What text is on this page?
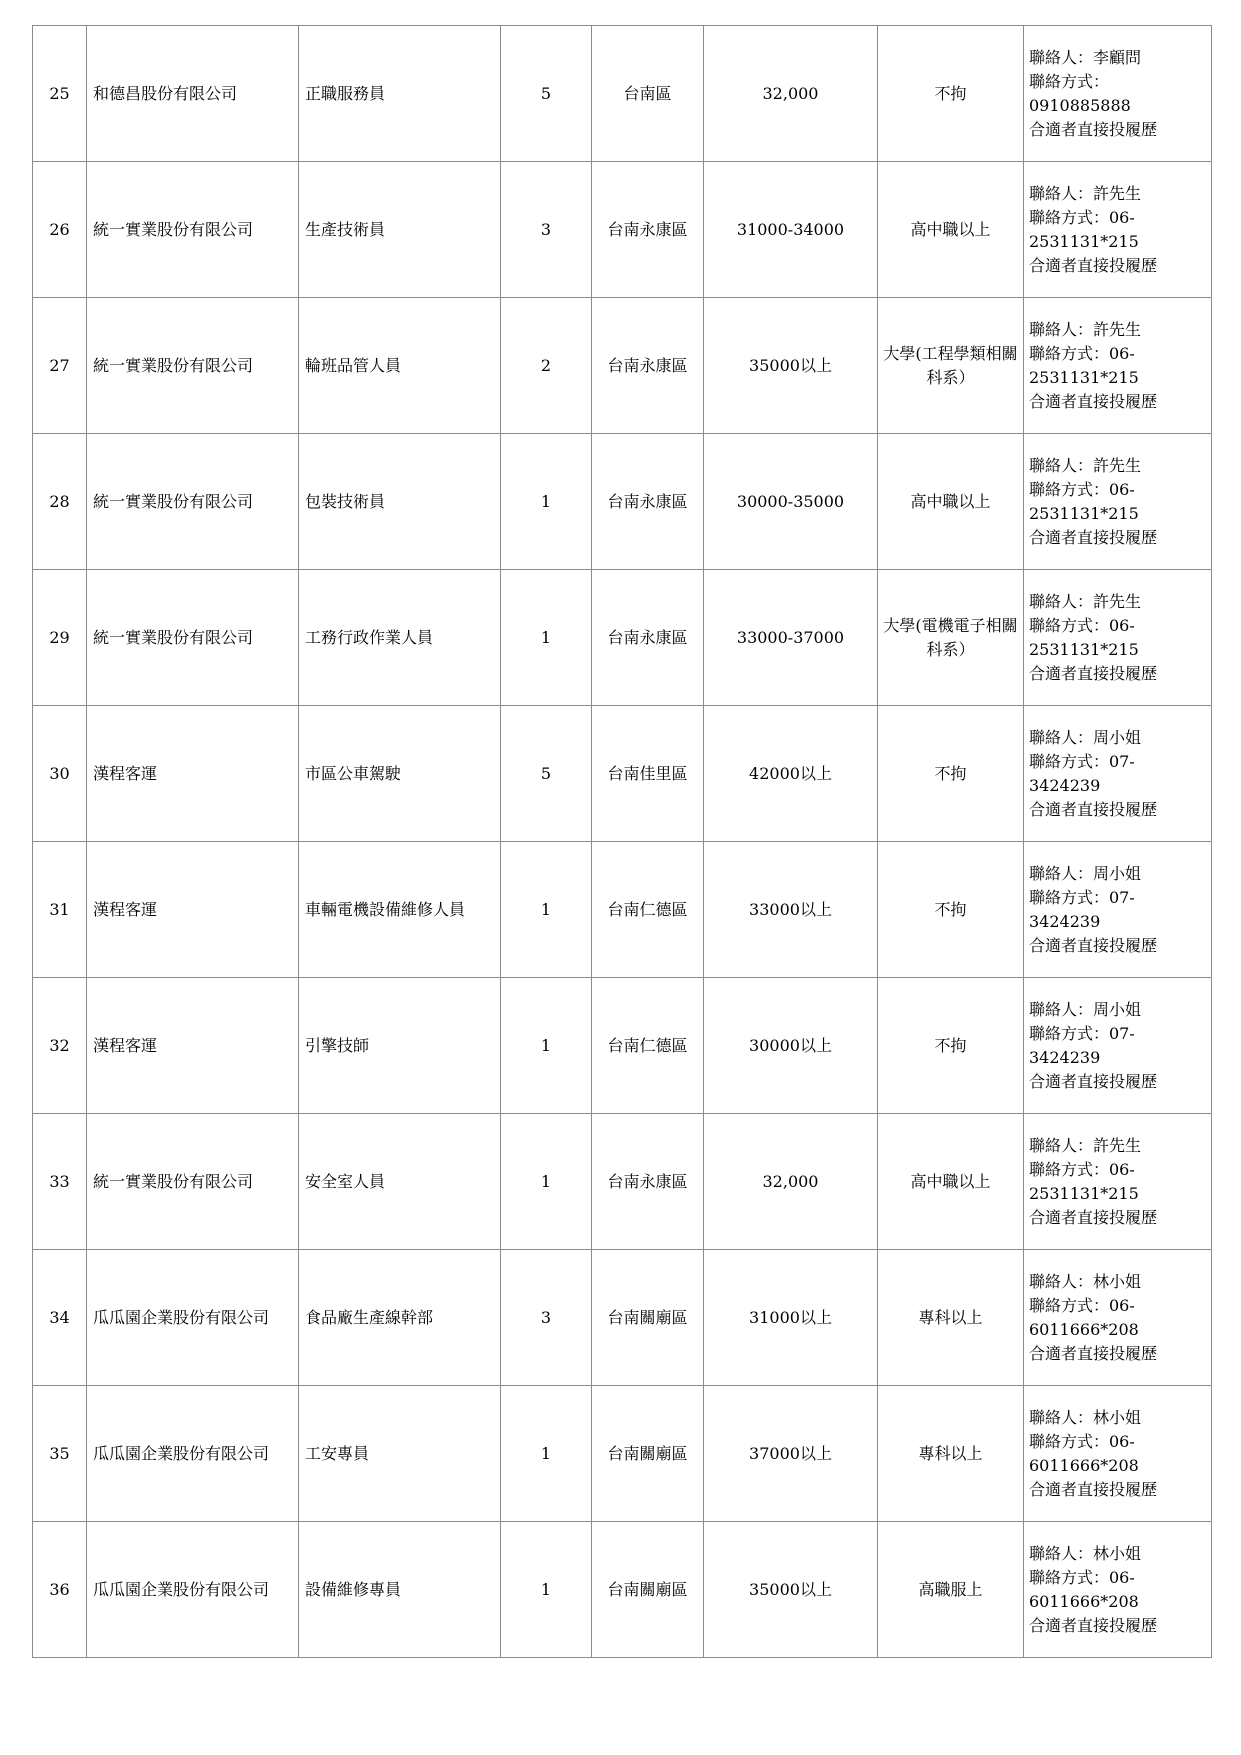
25	和德昌股份有限公司	正職服務員	5	台南區	32,000	不拘	聯絡人：李顧問
聯絡方式：
0910885888
合適者直接投履歷

26	統一實業股份有限公司	生產技術員	3	台南永康區	31000-34000	高中職以上	聯絡人：許先生
聯絡方式：06-
2531131*215
合適者直接投履歷

27	統一實業股份有限公司	輪班品管人員	2	台南永康區	35000以上	大學(工程學類相關科系）	聯絡人：許先生
聯絡方式：06-
2531131*215
合適者直接投履歷

28	統一實業股份有限公司	包裝技術員	1	台南永康區	30000-35000	高中職以上	聯絡人：許先生
聯絡方式：06-
2531131*215
合適者直接投履歷

29	統一實業股份有限公司	工務行政作業人員	1	台南永康區	33000-37000	大學(電機電子相關科系）	聯絡人：許先生
聯絡方式：06-
2531131*215
合適者直接投履歷

30	漢程客運	市區公車駕駛	5	台南佳里區	42000以上	不拘	聯絡人：周小姐
聯絡方式：07-
3424239
合適者直接投履歷

31	漢程客運	車輛電機設備維修人員	1	台南仁德區	33000以上	不拘	聯絡人：周小姐
聯絡方式：07-
3424239
合適者直接投履歷

32	漢程客運	引擎技師	1	台南仁德區	30000以上	不拘	聯絡人：周小姐
聯絡方式：07-
3424239
合適者直接投履歷

33	統一實業股份有限公司	安全室人員	1	台南永康區	32,000	高中職以上	聯絡人：許先生
聯絡方式：06-
2531131*215
合適者直接投履歷

34	瓜瓜園企業股份有限公司	食品廠生產線幹部	3	台南關廟區	31000以上	專科以上	聯絡人：林小姐
聯絡方式：06-
6011666*208
合適者直接投履歷

35	瓜瓜園企業股份有限公司	工安專員	1	台南關廟區	37000以上	專科以上	聯絡人：林小姐
聯絡方式：06-
6011666*208
合適者直接投履歷

36	瓜瓜園企業股份有限公司	設備維修專員	1	台南關廟區	35000以上	高職服上	聯絡人：林小姐
聯絡方式：06-
6011666*208
合適者直接投履歷
